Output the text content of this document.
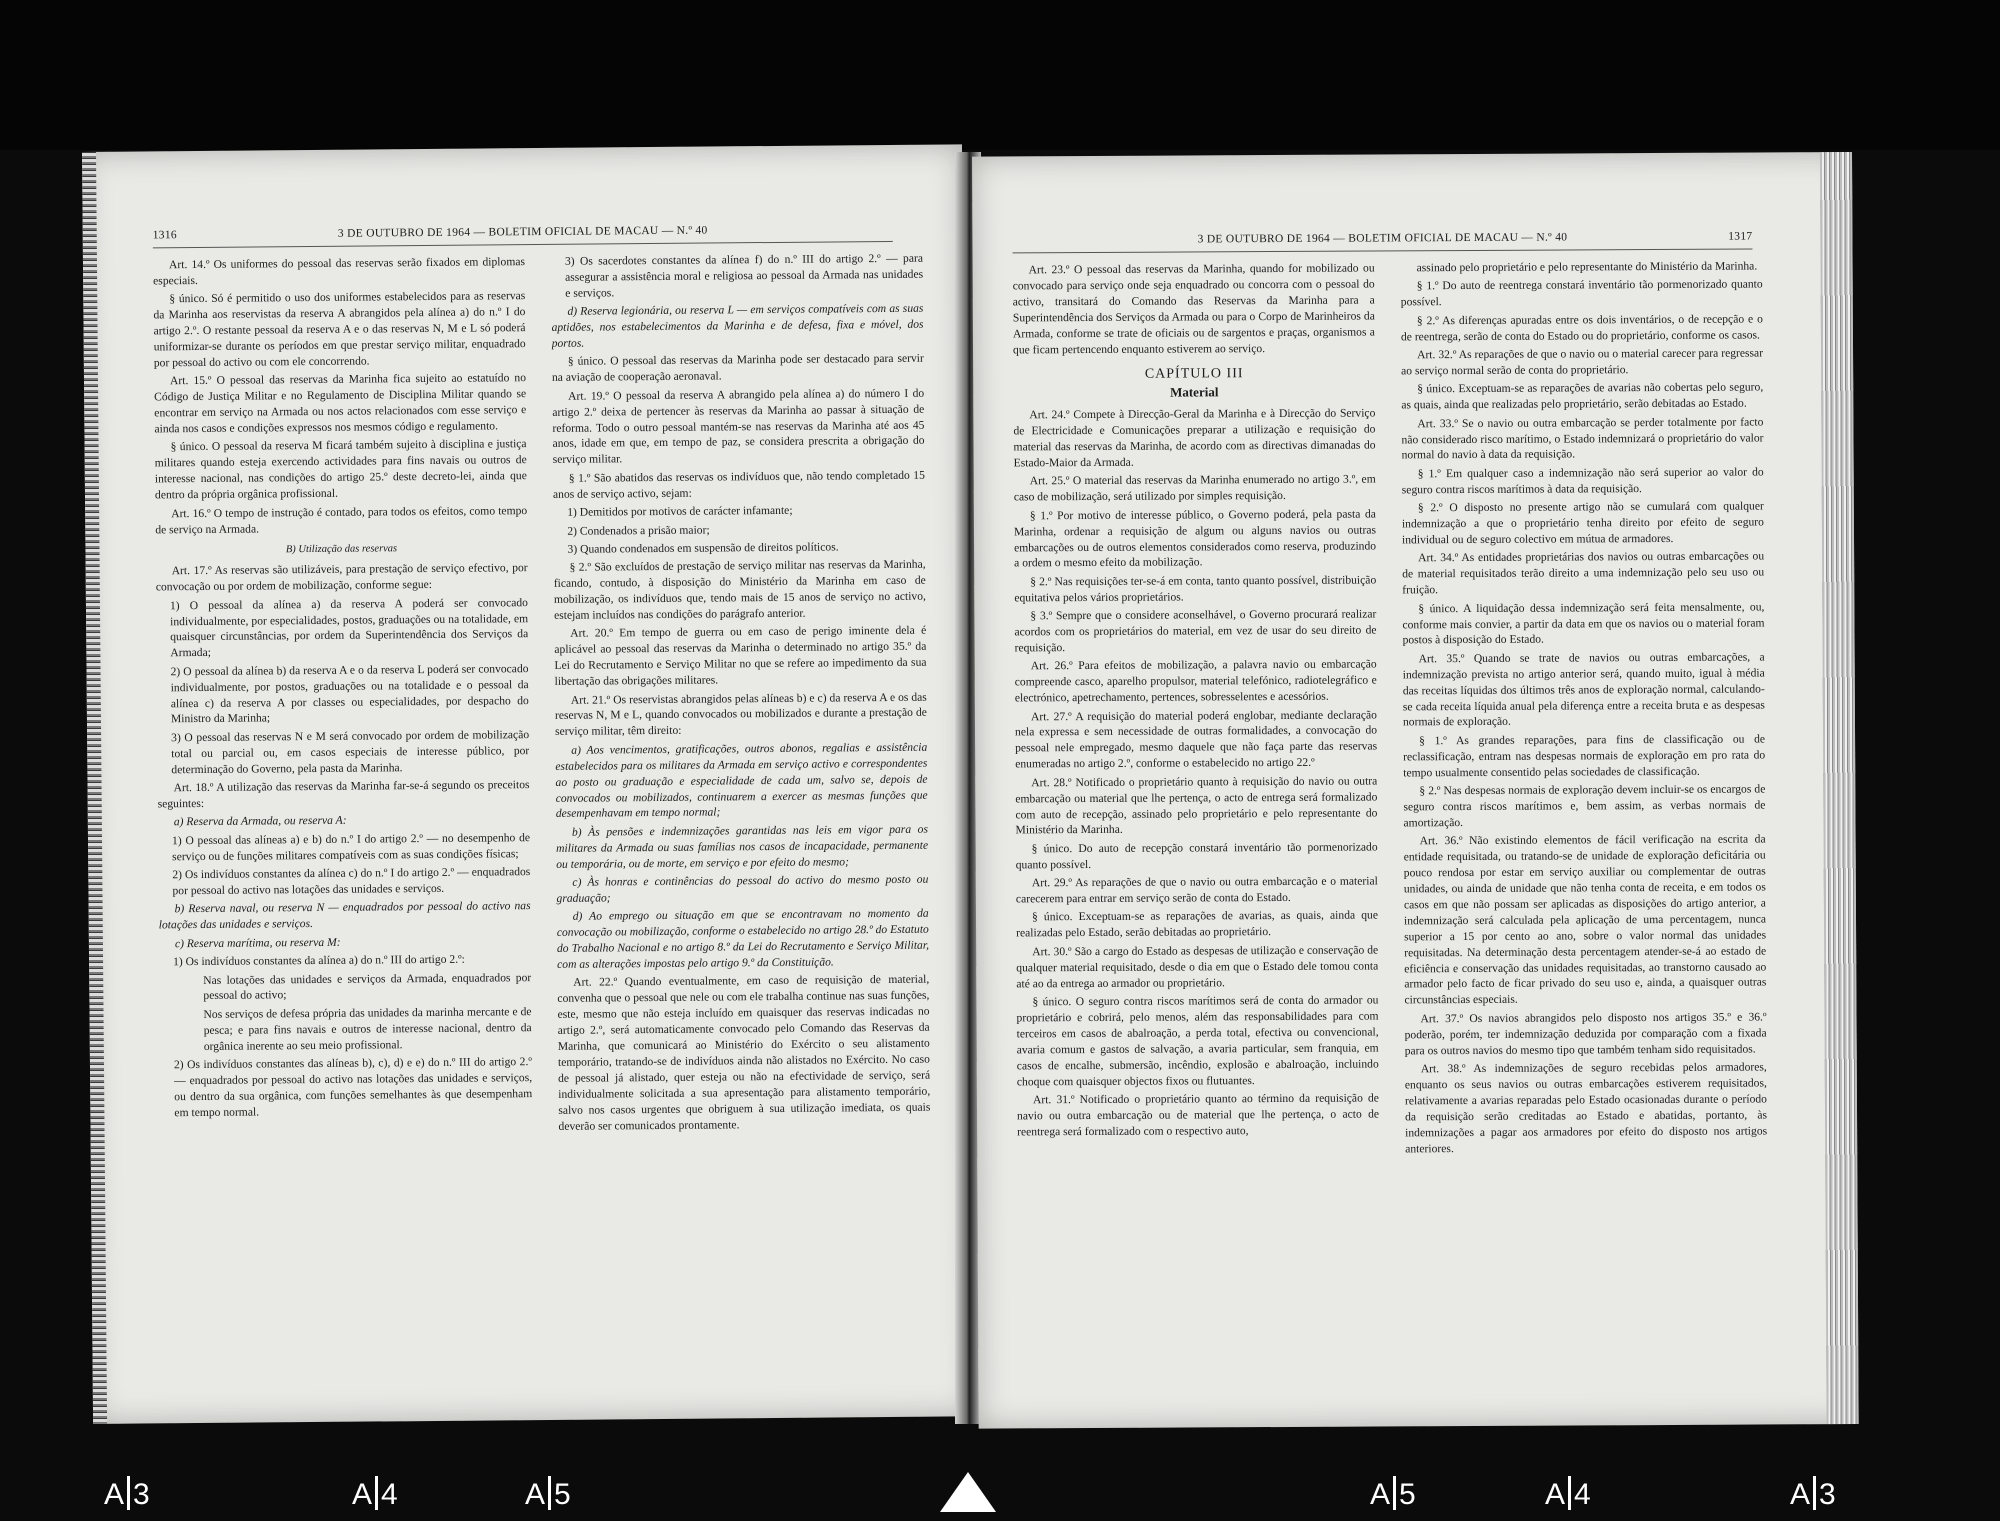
1316	3 DE OUTUBRO DE 1964 — BOLETIM OFICIAL DE MACAU — N.º 40

Art. 14.º Os uniformes do pessoal das reservas serão fixados em diplomas especiais.

§ único. Só é permitido o uso dos uniformes estabelecidos para as reservas da Marinha aos reservistas da reserva A abrangidos pela alínea a) do n.º I do artigo 2.º. O restante pessoal da reserva A e o das reservas N, M e L só poderá uniformizar-se durante os períodos em que prestar serviço militar, enquadrado por pessoal do activo ou com ele concorrendo.

Art. 15.º O pessoal das reservas da Marinha fica sujeito ao estatuído no Código de Justiça Militar e no Regulamento de Disciplina Militar quando se encontrar em serviço na Armada ou nos actos relacionados com esse serviço e ainda nos casos e condições expressos nos mesmos código e regulamento.

§ único. O pessoal da reserva M ficará também sujeito à disciplina e justiça militares quando esteja exercendo actividades para fins navais ou outros de interesse nacional, nas condições do artigo 25.º deste decreto-lei, ainda que dentro da própria orgânica profissional.

Art. 16.º O tempo de instrução é contado, para todos os efeitos, como tempo de serviço na Armada.

B) Utilização das reservas

Art. 17.º As reservas são utilizáveis, para prestação de serviço efectivo, por convocação ou por ordem de mobilização, conforme segue:

1) O pessoal da alínea a) da reserva A poderá ser convocado individualmente, por especialidades, postos, graduações ou na totalidade, em quaisquer circunstâncias, por ordem da Superintendência dos Serviços da Armada;

2) O pessoal da alínea b) da reserva A e o da reserva L poderá ser convocado individualmente, por postos, graduações ou na totalidade e o pessoal da alínea c) da reserva A por classes ou especialidades, por despacho do Ministro da Marinha;

3) O pessoal das reservas N e M será convocado por ordem de mobilização total ou parcial ou, em casos especiais de interesse público, por determinação do Governo, pela pasta da Marinha.

Art. 18.º A utilização das reservas da Marinha far-se-á segundo os preceitos seguintes:

a) Reserva da Armada, ou reserva A:

1) O pessoal das alíneas a) e b) do n.º I do artigo 2.º — no desempenho de serviço ou de funções militares compatíveis com as suas condições físicas;

2) Os indivíduos constantes da alínea c) do n.º I do artigo 2.º — enquadrados por pessoal do activo nas lotações das unidades e serviços.

b) Reserva naval, ou reserva N — enquadrados por pessoal do activo nas lotações das unidades e serviços.

c) Reserva marítima, ou reserva M:

1) Os indivíduos constantes da alínea a) do n.º III do artigo 2.º:

Nas lotações das unidades e serviços da Armada, enquadrados por pessoal do activo;

Nos serviços de defesa própria das unidades da marinha mercante e de pesca; e para fins navais e outros de interesse nacional, dentro da orgânica inerente ao seu meio profissional.

2) Os indivíduos constantes das alíneas b), c), d) e e) do n.º III do artigo 2.º — enquadrados por pessoal do activo nas lotações das unidades e serviços, ou dentro da sua orgânica, com funções semelhantes às que desempenham em tempo normal.

3) Os sacerdotes constantes da alínea f) do n.º III do artigo 2.º — para assegurar a assistência moral e religiosa ao pessoal da Armada nas unidades e serviços.

d) Reserva legionária, ou reserva L — em serviços compatíveis com as suas aptidões, nos estabelecimentos da Marinha e de defesa, fixa e móvel, dos portos.

§ único. O pessoal das reservas da Marinha pode ser destacado para servir na aviação de cooperação aeronaval.

Art. 19.º O pessoal da reserva A abrangido pela alínea a) do número I do artigo 2.º deixa de pertencer às reservas da Marinha ao passar à situação de reforma. Todo o outro pessoal mantém-se nas reservas da Marinha até aos 45 anos, idade em que, em tempo de paz, se considera prescrita a obrigação do serviço militar.

§ 1.º São abatidos das reservas os indivíduos que, não tendo completado 15 anos de serviço activo, sejam:

1) Demitidos por motivos de carácter infamante;

2) Condenados a prisão maior;

3) Quando condenados em suspensão de direitos políticos.

§ 2.º São excluídos de prestação de serviço militar nas reservas da Marinha, ficando, contudo, à disposição do Ministério da Marinha em caso de mobilização, os indivíduos que, tendo mais de 15 anos de serviço no activo, estejam incluídos nas condições do parágrafo anterior.

Art. 20.º Em tempo de guerra ou em caso de perigo iminente dela é aplicável ao pessoal das reservas da Marinha o determinado no artigo 35.º da Lei do Recrutamento e Serviço Militar no que se refere ao impedimento da sua libertação das obrigações militares.

Art. 21.º Os reservistas abrangidos pelas alíneas b) e c) da reserva A e os das reservas N, M e L, quando convocados ou mobilizados e durante a prestação de serviço militar, têm direito:

a) Aos vencimentos, gratificações, outros abonos, regalias e assistência estabelecidos para os militares da Armada em serviço activo e correspondentes ao posto ou graduação e especialidade de cada um, salvo se, depois de convocados ou mobilizados, continuarem a exercer as mesmas funções que desempenhavam em tempo normal;

b) Às pensões e indemnizações garantidas nas leis em vigor para os militares da Armada ou suas famílias nos casos de incapacidade, permanente ou temporária, ou de morte, em serviço e por efeito do mesmo;

c) Às honras e continências do pessoal do activo do mesmo posto ou graduação;

d) Ao emprego ou situação em que se encontravam no momento da convocação ou mobilização, conforme o estabelecido no artigo 28.º do Estatuto do Trabalho Nacional e no artigo 8.º da Lei do Recrutamento e Serviço Militar, com as alterações impostas pelo artigo 9.º da Constituição.

Art. 22.º Quando eventualmente, em caso de requisição de material, convenha que o pessoal que nele ou com ele trabalha continue nas suas funções, este, mesmo que não esteja incluído em quaisquer das reservas indicadas no artigo 2.º, será automaticamente convocado pelo Comando das Reservas da Marinha, que comunicará ao Ministério do Exército o seu alistamento temporário, tratando-se de indivíduos ainda não alistados no Exército. No caso de pessoal já alistado, quer esteja ou não na efectividade de serviço, será individualmente solicitada a sua apresentação para alistamento temporário, salvo nos casos urgentes que obriguem à sua utilização imediata, os quais deverão ser comunicados prontamente.

3 DE OUTUBRO DE 1964 — BOLETIM OFICIAL DE MACAU — N.º 40	1317

Art. 23.º O pessoal das reservas da Marinha, quando for mobilizado ou convocado para serviço onde seja enquadrado ou concorra com o pessoal do activo, transitará do Comando das Reservas da Marinha para a Superintendência dos Serviços da Armada ou para o Corpo de Marinheiros da Armada, conforme se trate de oficiais ou de sargentos e praças, organismos a que ficam pertencendo enquanto estiverem ao serviço.

CAPÍTULO III
Material

Art. 24.º Compete à Direcção-Geral da Marinha e à Direcção do Serviço de Electricidade e Comunicações preparar a utilização e requisição do material das reservas da Marinha, de acordo com as directivas dimanadas do Estado-Maior da Armada.

Art. 25.º O material das reservas da Marinha enumerado no artigo 3.º, em caso de mobilização, será utilizado por simples requisição.

§ 1.º Por motivo de interesse público, o Governo poderá, pela pasta da Marinha, ordenar a requisição de algum ou alguns navios ou outras embarcações ou de outros elementos considerados como reserva, produzindo a ordem o mesmo efeito da mobilização.

§ 2.º Nas requisições ter-se-á em conta, tanto quanto possível, distribuição equitativa pelos vários proprietários.

§ 3.º Sempre que o considere aconselhável, o Governo procurará realizar acordos com os proprietários do material, em vez de usar do seu direito de requisição.

Art. 26.º Para efeitos de mobilização, a palavra navio ou embarcação compreende casco, aparelho propulsor, material telefónico, radiotelegráfico e electrónico, apetrechamento, pertences, sobresselentes e acessórios.

Art. 27.º A requisição do material poderá englobar, mediante declaração nela expressa e sem necessidade de outras formalidades, a convocação do pessoal nele empregado, mesmo daquele que não faça parte das reservas enumeradas no artigo 2.º, conforme o estabelecido no artigo 22.º

Art. 28.º Notificado o proprietário quanto à requisição do navio ou outra embarcação ou material que lhe pertença, o acto de entrega será formalizado com auto de recepção, assinado pelo proprietário e pelo representante do Ministério da Marinha.

§ único. Do auto de recepção constará inventário tão pormenorizado quanto possível.

Art. 29.º As reparações de que o navio ou outra embarcação e o material carecerem para entrar em serviço serão de conta do Estado.

§ único. Exceptuam-se as reparações de avarias, as quais, ainda que realizadas pelo Estado, serão debitadas ao proprietário.

Art. 30.º São a cargo do Estado as despesas de utilização e conservação de qualquer material requisitado, desde o dia em que o Estado dele tomou conta até ao da entrega ao armador ou proprietário.

§ único. O seguro contra riscos marítimos será de conta do armador ou proprietário e cobrirá, pelo menos, além das responsabilidades para com terceiros em casos de abalroação, a perda total, efectiva ou convencional, avaria comum e gastos de salvação, a avaria particular, sem franquia, em casos de encalhe, submersão, incêndio, explosão e abalroação, incluindo choque com quaisquer objectos fixos ou flutuantes.

Art. 31.º Notificado o proprietário quanto ao término da requisição de navio ou outra embarcação ou de material que lhe pertença, o acto de reentrega será formalizado com o respectivo auto,

assinado pelo proprietário e pelo representante do Ministério da Marinha.

§ 1.º Do auto de reentrega constará inventário tão pormenorizado quanto possível.

§ 2.º As diferenças apuradas entre os dois inventários, o de recepção e o de reentrega, serão de conta do Estado ou do proprietário, conforme os casos.

Art. 32.º As reparações de que o navio ou o material carecer para regressar ao serviço normal serão de conta do proprietário.

§ único. Exceptuam-se as reparações de avarias não cobertas pelo seguro, as quais, ainda que realizadas pelo proprietário, serão debitadas ao Estado.

Art. 33.º Se o navio ou outra embarcação se perder totalmente por facto não considerado risco marítimo, o Estado indemnizará o proprietário do valor normal do navio à data da requisição.

§ 1.º Em qualquer caso a indemnização não será superior ao valor do seguro contra riscos marítimos à data da requisição.

§ 2.º O disposto no presente artigo não se cumulará com qualquer indemnização a que o proprietário tenha direito por efeito de seguro individual ou de seguro colectivo em mútua de armadores.

Art. 34.º As entidades proprietárias dos navios ou outras embarcações ou de material requisitados terão direito a uma indemnização pelo seu uso ou fruição.

§ único. A liquidação dessa indemnização será feita mensalmente, ou, conforme mais convier, a partir da data em que os navios ou o material foram postos à disposição do Estado.

Art. 35.º Quando se trate de navios ou outras embarcações, a indemnização prevista no artigo anterior será, quando muito, igual à média das receitas líquidas dos últimos três anos de exploração normal, calculando-se cada receita líquida anual pela diferença entre a receita bruta e as despesas normais de exploração.

§ 1.º As grandes reparações, para fins de classificação ou de reclassificação, entram nas despesas normais de exploração em pro rata do tempo usualmente consentido pelas sociedades de classificação.

§ 2.º Nas despesas normais de exploração devem incluir-se os encargos de seguro contra riscos marítimos e, bem assim, as verbas normais de amortização.

Art. 36.º Não existindo elementos de fácil verificação na escrita da entidade requisitada, ou tratando-se de unidade de exploração deficitária ou pouco rendosa por estar em serviço auxiliar ou complementar de outras unidades, ou ainda de unidade que não tenha conta de receita, e em todos os casos em que não possam ser aplicadas as disposições do artigo anterior, a indemnização será calculada pela aplicação de uma percentagem, nunca superior a 15 por cento ao ano, sobre o valor normal das unidades requisitadas. Na determinação desta percentagem atender-se-á ao estado de eficiência e conservação das unidades requisitadas, ao transtorno causado ao armador pelo facto de ficar privado do seu uso e, ainda, a quaisquer outras circunstâncias especiais.

Art. 37.º Os navios abrangidos pelo disposto nos artigos 35.º e 36.º poderão, porém, ter indemnização deduzida por comparação com a fixada para os outros navios do mesmo tipo que também tenham sido requisitados.

Art. 38.º As indemnizações de seguro recebidas pelos armadores, enquanto os seus navios ou outras embarcações estiverem requisitados, relativamente a avarias reparadas pelo Estado ocasionadas durante o período da requisição serão creditadas ao Estado e abatidas, portanto, às indemnizações a pagar aos armadores por efeito do disposto nos artigos anteriores.

A 3	A 4	A 5	A 5	A 4	A 3
